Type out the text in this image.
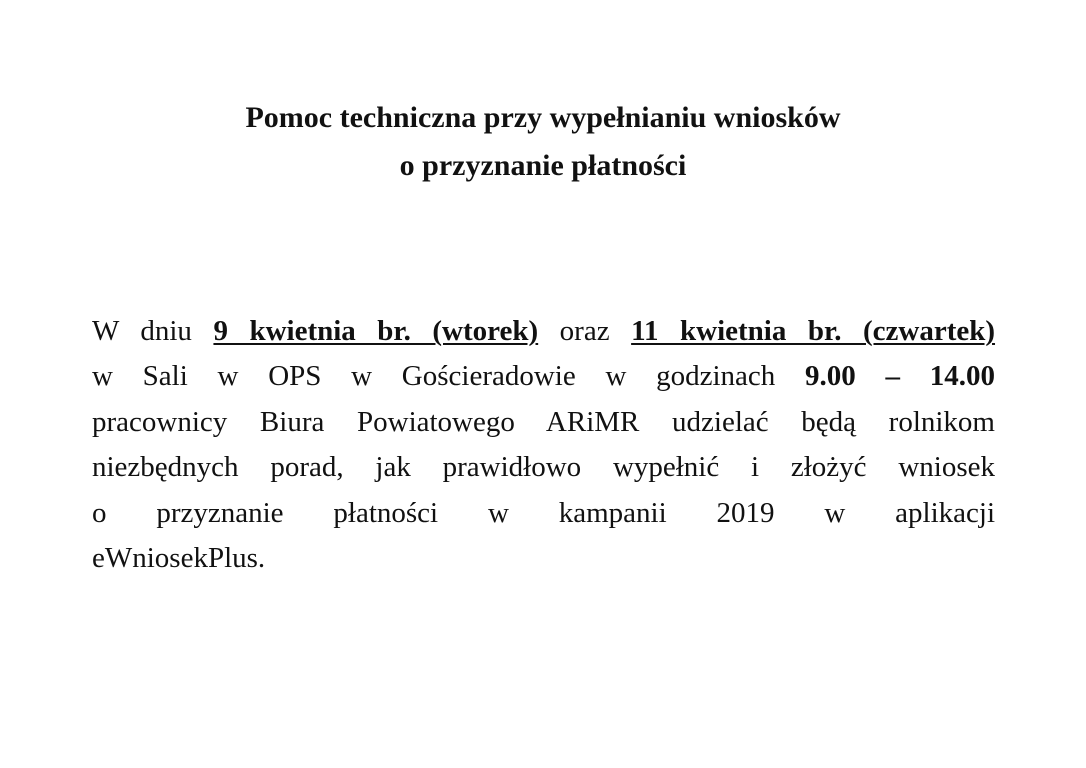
Pomoc techniczna przy wypełnianiu wniosków
o przyznanie płatności
W dniu 9 kwietnia br. (wtorek) oraz 11 kwietnia br. (czwartek)
w Sali w OPS w Gościeradowie w godzinach 9.00 – 14.00
pracownicy Biura Powiatowego ARiMR udzielać będą rolnikom
niezbędnych porad, jak prawidłowo wypełnić i złożyć wniosek
o przyznanie płatności w kampanii 2019 w aplikacji
eWniosekPlus.
